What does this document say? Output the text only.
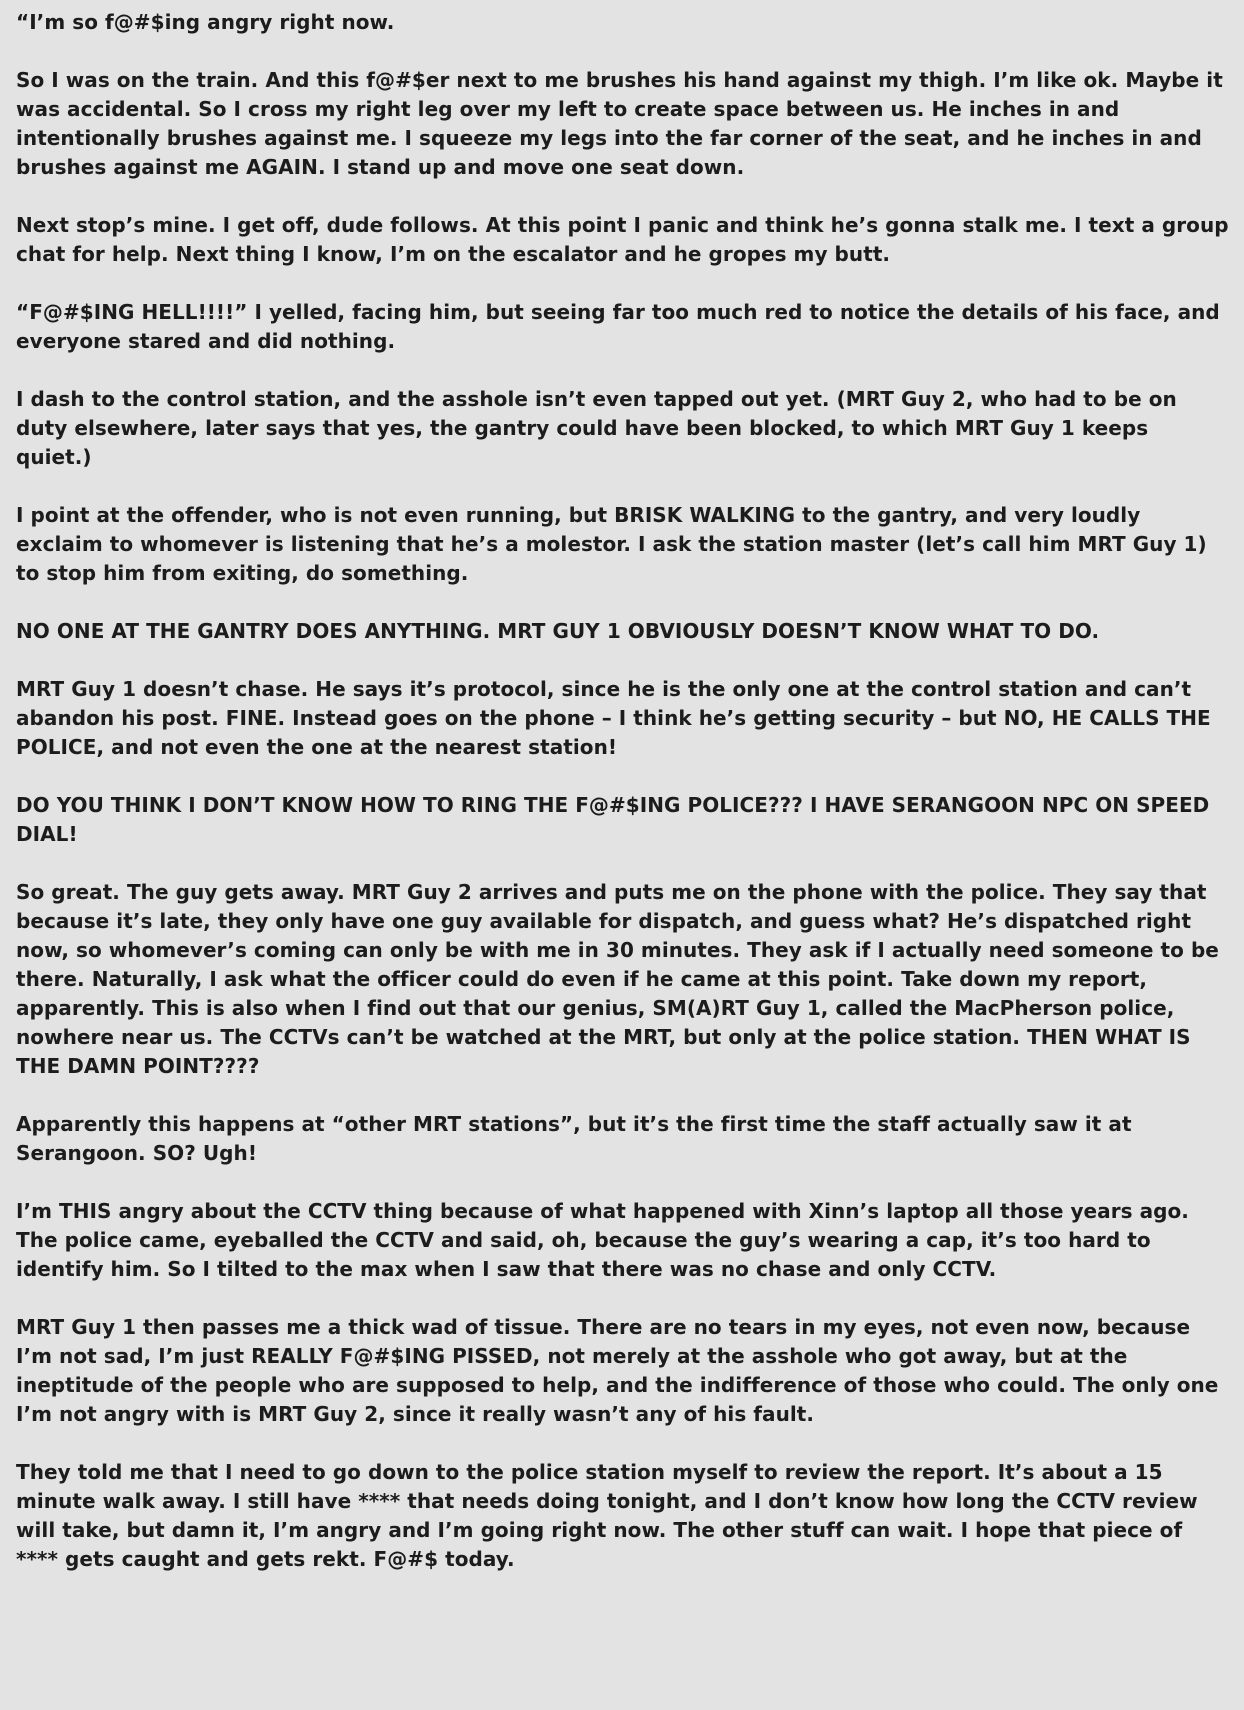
“I’m so f@#$ing angry right now.

So I was on the train. And this f@#$er next to me brushes his hand against my thigh. I’m like ok. Maybe it was accidental. So I cross my right leg over my left to create space between us. He inches in and intentionally brushes against me. I squeeze my legs into the far corner of the seat, and he inches in and brushes against me AGAIN. I stand up and move one seat down.

Next stop’s mine. I get off, dude follows. At this point I panic and think he’s gonna stalk me. I text a group chat for help. Next thing I know, I’m on the escalator and he gropes my butt.

“F@#$ING HELL!!!!” I yelled, facing him, but seeing far too much red to notice the details of his face, and everyone stared and did nothing.

I dash to the control station, and the asshole isn’t even tapped out yet. (MRT Guy 2, who had to be on duty elsewhere, later says that yes, the gantry could have been blocked, to which MRT Guy 1 keeps quiet.)

I point at the offender, who is not even running, but BRISK WALKING to the gantry, and very loudly exclaim to whomever is listening that he’s a molestor. I ask the station master (let’s call him MRT Guy 1) to stop him from exiting, do something.

NO ONE AT THE GANTRY DOES ANYTHING. MRT GUY 1 OBVIOUSLY DOESN’T KNOW WHAT TO DO.

MRT Guy 1 doesn’t chase. He says it’s protocol, since he is the only one at the control station and can’t abandon his post. FINE. Instead goes on the phone – I think he’s getting security – but NO, HE CALLS THE POLICE, and not even the one at the nearest station!

DO YOU THINK I DON’T KNOW HOW TO RING THE F@#$ING POLICE??? I HAVE SERANGOON NPC ON SPEED DIAL!

So great. The guy gets away. MRT Guy 2 arrives and puts me on the phone with the police. They say that because it’s late, they only have one guy available for dispatch, and guess what? He’s dispatched right now, so whomever’s coming can only be with me in 30 minutes. They ask if I actually need someone to be there. Naturally, I ask what the officer could do even if he came at this point. Take down my report, apparently. This is also when I find out that our genius, SM(A)RT Guy 1, called the MacPherson police, nowhere near us. The CCTVs can’t be watched at the MRT, but only at the police station. THEN WHAT IS THE DAMN POINT????

Apparently this happens at “other MRT stations”, but it’s the first time the staff actually saw it at Serangoon. SO? Ugh!

I’m THIS angry about the CCTV thing because of what happened with Xinn’s laptop all those years ago. The police came, eyeballed the CCTV and said, oh, because the guy’s wearing a cap, it’s too hard to identify him. So I tilted to the max when I saw that there was no chase and only CCTV.

MRT Guy 1 then passes me a thick wad of tissue. There are no tears in my eyes, not even now, because I’m not sad, I’m just REALLY F@#$ING PISSED, not merely at the asshole who got away, but at the ineptitude of the people who are supposed to help, and the indifference of those who could. The only one I’m not angry with is MRT Guy 2, since it really wasn’t any of his fault.

They told me that I need to go down to the police station myself to review the report. It’s about a 15 minute walk away. I still have **** that needs doing tonight, and I don’t know how long the CCTV review will take, but damn it, I’m angry and I’m going right now. The other stuff can wait. I hope that piece of **** gets caught and gets rekt. F@#$ today.
